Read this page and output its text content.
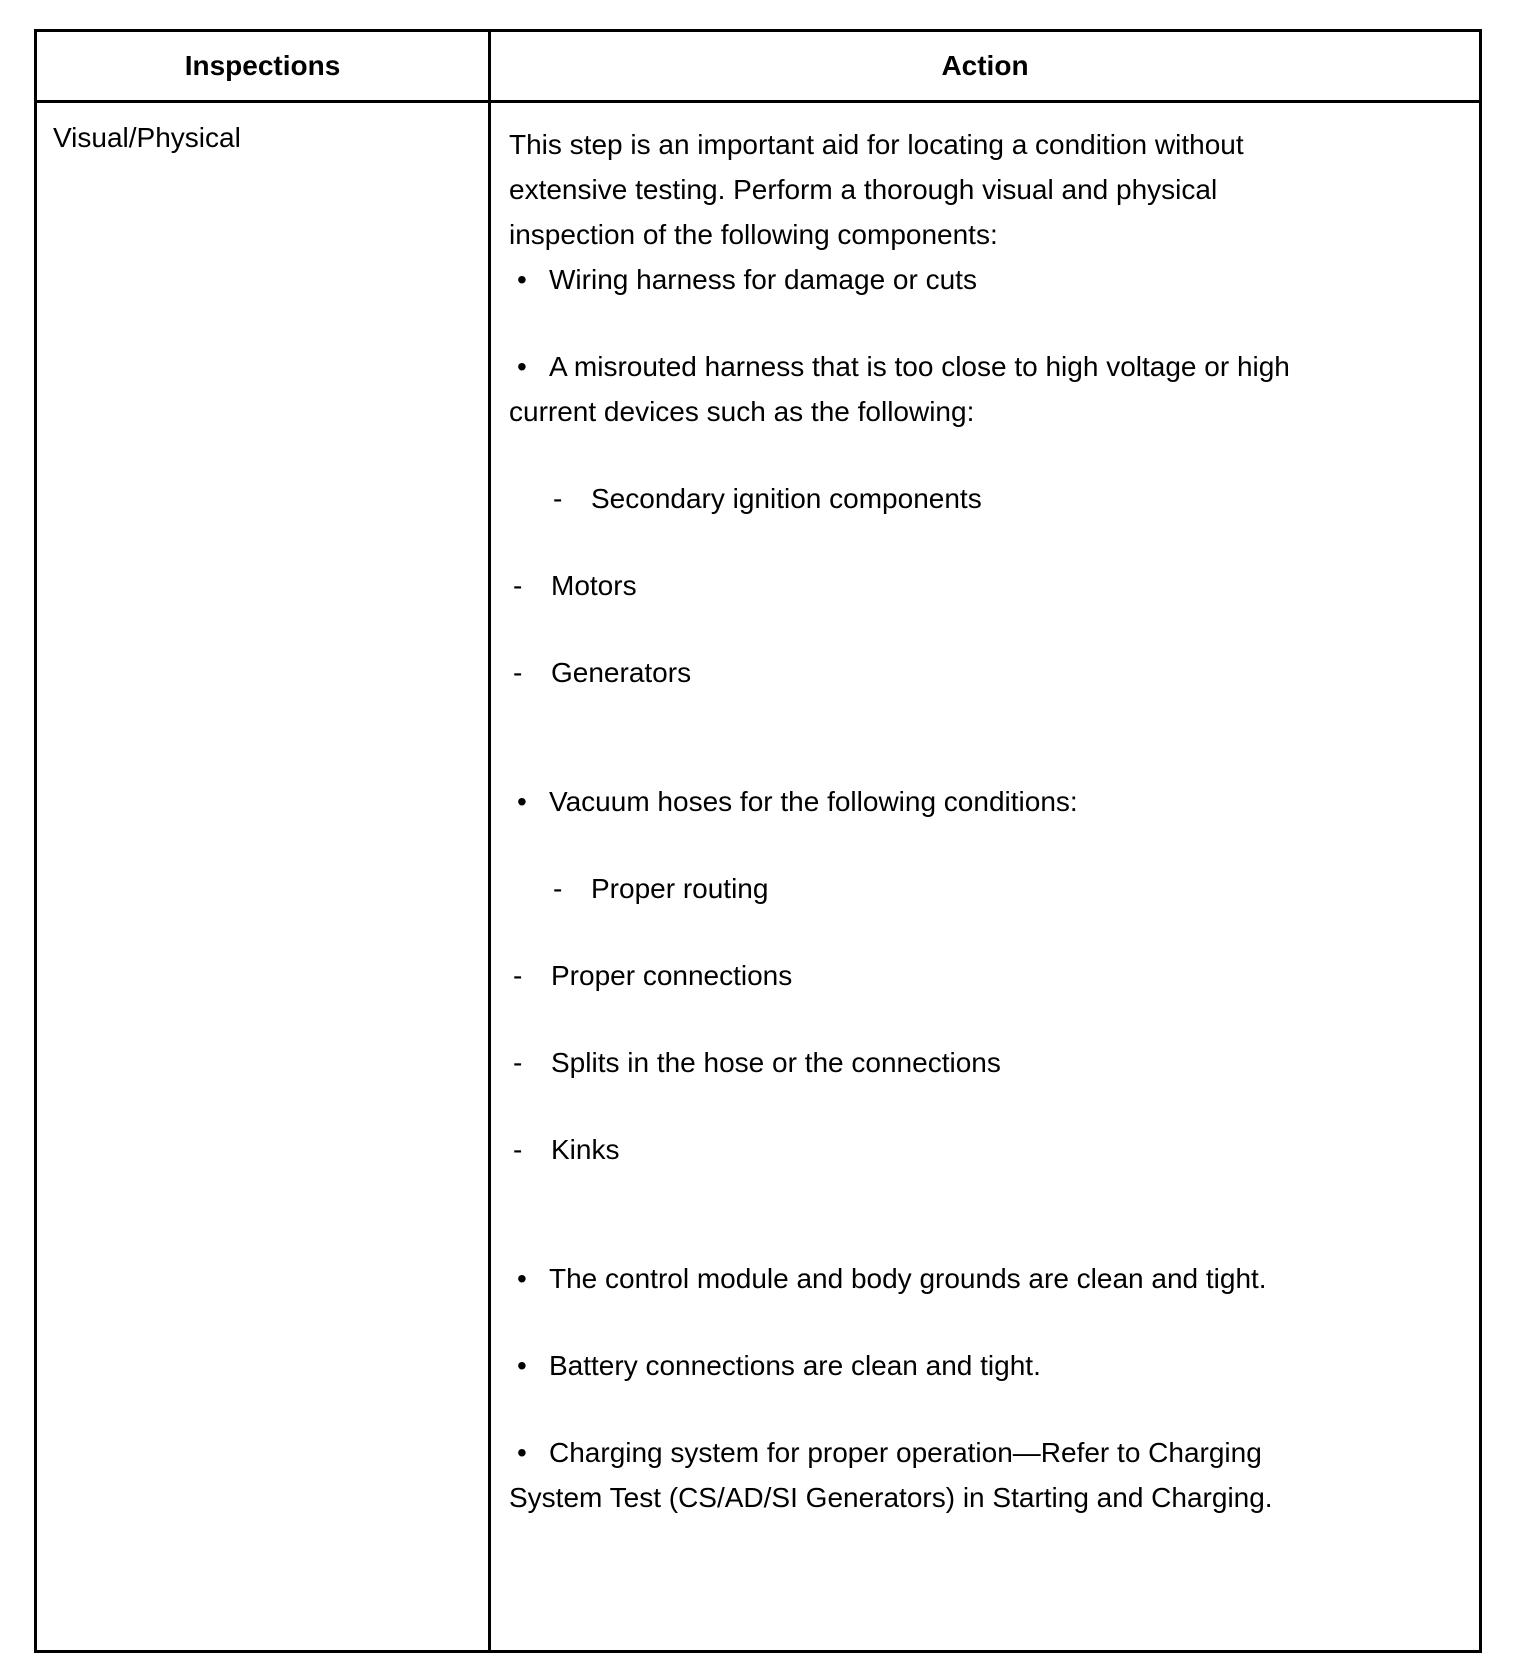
Inspections	Action
Visual/Physical	This step is an important aid for locating a condition without extensive testing. Perform a thorough visual and physical inspection of the following components:

• Wiring harness for damage or cuts

• A misrouted harness that is too close to high voltage or high current devices such as the following:

- Secondary ignition components

- Motors

- Generators

• Vacuum hoses for the following conditions:

- Proper routing

- Proper connections

- Splits in the hose or the connections

- Kinks

• The control module and body grounds are clean and tight.

• Battery connections are clean and tight.

• Charging system for proper operation—Refer to Charging System Test (CS/AD/SI Generators) in Starting and Charging.
